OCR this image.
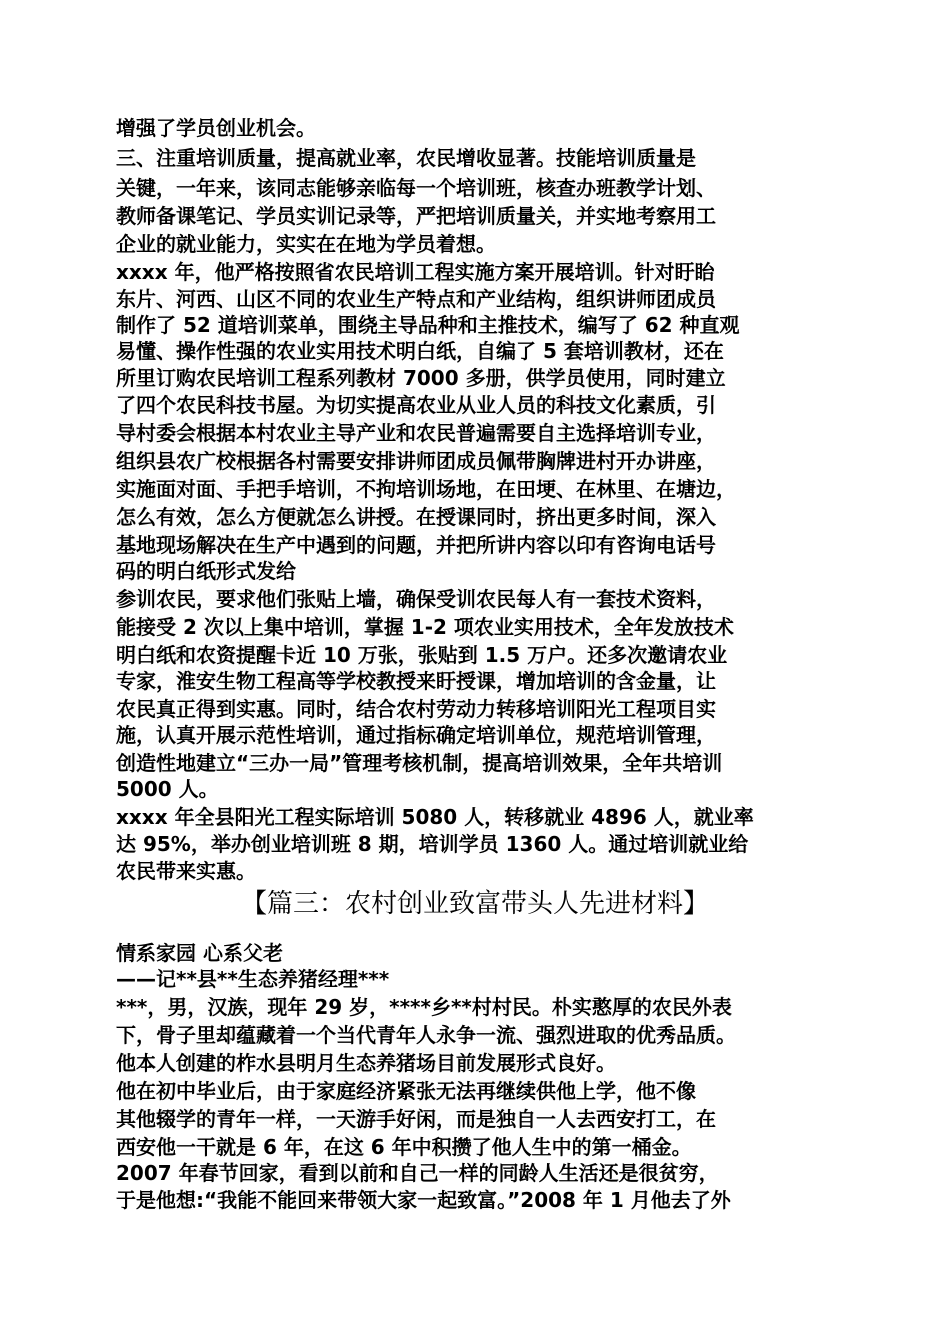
增强了学员创业机会。
三、注重培训质量，提高就业率，农民增收显著。技能培训质量是
关键，一年来，该同志能够亲临每一个培训班，核查办班教学计划、
教师备课笔记、学员实训记录等，严把培训质量关，并实地考察用工
企业的就业能力，实实在在地为学员着想。
xxxx 年，他严格按照省农民培训工程实施方案开展培训。针对盱眙
东片、河西、山区不同的农业生产特点和产业结构，组织讲师团成员
制作了 52 道培训菜单，围绕主导品种和主推技术，编写了 62 种直观
易懂、操作性强的农业实用技术明白纸，自编了 5 套培训教材，还在
所里订购农民培训工程系列教材 7000 多册，供学员使用，同时建立
了四个农民科技书屋。为切实提高农业从业人员的科技文化素质，引
导村委会根据本村农业主导产业和农民普遍需要自主选择培训专业，
组织县农广校根据各村需要安排讲师团成员佩带胸牌进村开办讲座，
实施面对面、手把手培训，不拘培训场地，在田埂、在林里、在塘边，
怎么有效，怎么方便就怎么讲授。在授课同时，挤出更多时间，深入
基地现场解决在生产中遇到的问题，并把所讲内容以印有咨询电话号
码的明白纸形式发给
参训农民，要求他们张贴上墙，确保受训农民每人有一套技术资料，
能接受 2 次以上集中培训，掌握 1-2 项农业实用技术，全年发放技术
明白纸和农资提醒卡近 10 万张，张贴到 1.5 万户。还多次邀请农业
专家，淮安生物工程高等学校教授来盱授课，增加培训的含金量，让
农民真正得到实惠。同时，结合农村劳动力转移培训阳光工程项目实
施，认真开展示范性培训，通过指标确定培训单位，规范培训管理，
创造性地建立“三办一局”管理考核机制，提高培训效果，全年共培训
5000 人。
xxxx 年全县阳光工程实际培训 5080 人，转移就业 4896 人，就业率
达 95%，举办创业培训班 8 期，培训学员 1360 人。通过培训就业给
农民带来实惠。
【篇三：农村创业致富带头人先进材料】
情系家园 心系父老
——记**县**生态养猪经理***
***，男，汉族，现年 29 岁，****乡**村村民。朴实憨厚的农民外表
下，骨子里却蕴藏着一个当代青年人永争一流、强烈进取的优秀品质。
他本人创建的柞水县明月生态养猪场目前发展形式良好。
他在初中毕业后，由于家庭经济紧张无法再继续供他上学，他不像
其他辍学的青年一样，一天游手好闲，而是独自一人去西安打工，在
西安他一干就是 6 年，在这 6 年中积攒了他人生中的第一桶金。
2007 年春节回家，看到以前和自己一样的同龄人生活还是很贫穷，
于是他想:“我能不能回来带领大家一起致富。”2008 年 1 月他去了外
